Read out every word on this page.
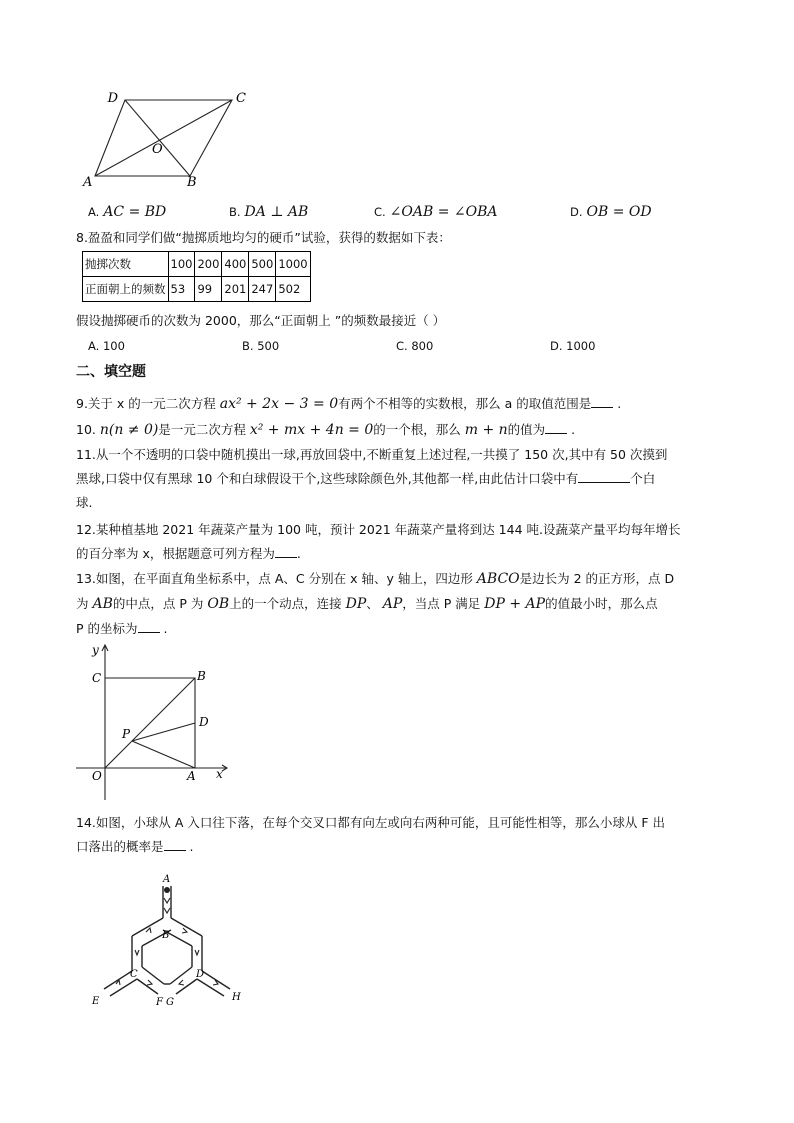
D	C
O
A	B
A. AC = BD	B. DA ⊥ AB	C. ∠OAB = ∠OBA	D. OB = OD
8.盈盈和同学们做“抛掷质地均匀的硬币”试验，获得的数据如下表：
抛掷次数	100	200	400	500	1000
正面朝上的频数	53	99	201	247	502
假设抛掷硬币的次数为 2000，那么“正面朝上 ”的频数最接近（ ）
A. 100	B. 500	C. 800	D. 1000
二、填空题
9.关于 x 的一元二次方程 ax² + 2x − 3 = 0有两个不相等的实数根，那么 a 的取值范围是 .
10. n(n ≠ 0)是一元二次方程 x² + mx + 4n = 0的一个根，那么 m + n的值为 .
11.从一个不透明的口袋中随机摸出一球,再放回袋中,不断重复上述过程,一共摸了 150 次,其中有 50 次摸到
黑球,口袋中仅有黑球 10 个和白球假设干个,这些球除颜色外,其他都一样,由此估计口袋中有	个白
球.
12.某种植基地 2021 年蔬菜产量为 100 吨，预计 2021 年蔬菜产量将到达 144 吨.设蔬菜产量平均每年增长
的百分率为 x，根据题意可列方程为 .
13.如图，在平面直角坐标系中，点 A、C 分别在 x 轴、y 轴上，四边形 ABCO是边长为 2 的正方形，点 D
为 AB的中点，点 P 为 OB上的一个动点，连接 DP、 AP，当点 P 满足 DP + AP的值最小时，那么点
P 的坐标为 .
y
x
O	A
B
C
D
P
14.如图，小球从 A 入口往下落，在每个交叉口都有向左或向右两种可能，且可能性相等，那么小球从 F 出
口落出的概率是 .
A
B
C	D
E	F G	H
